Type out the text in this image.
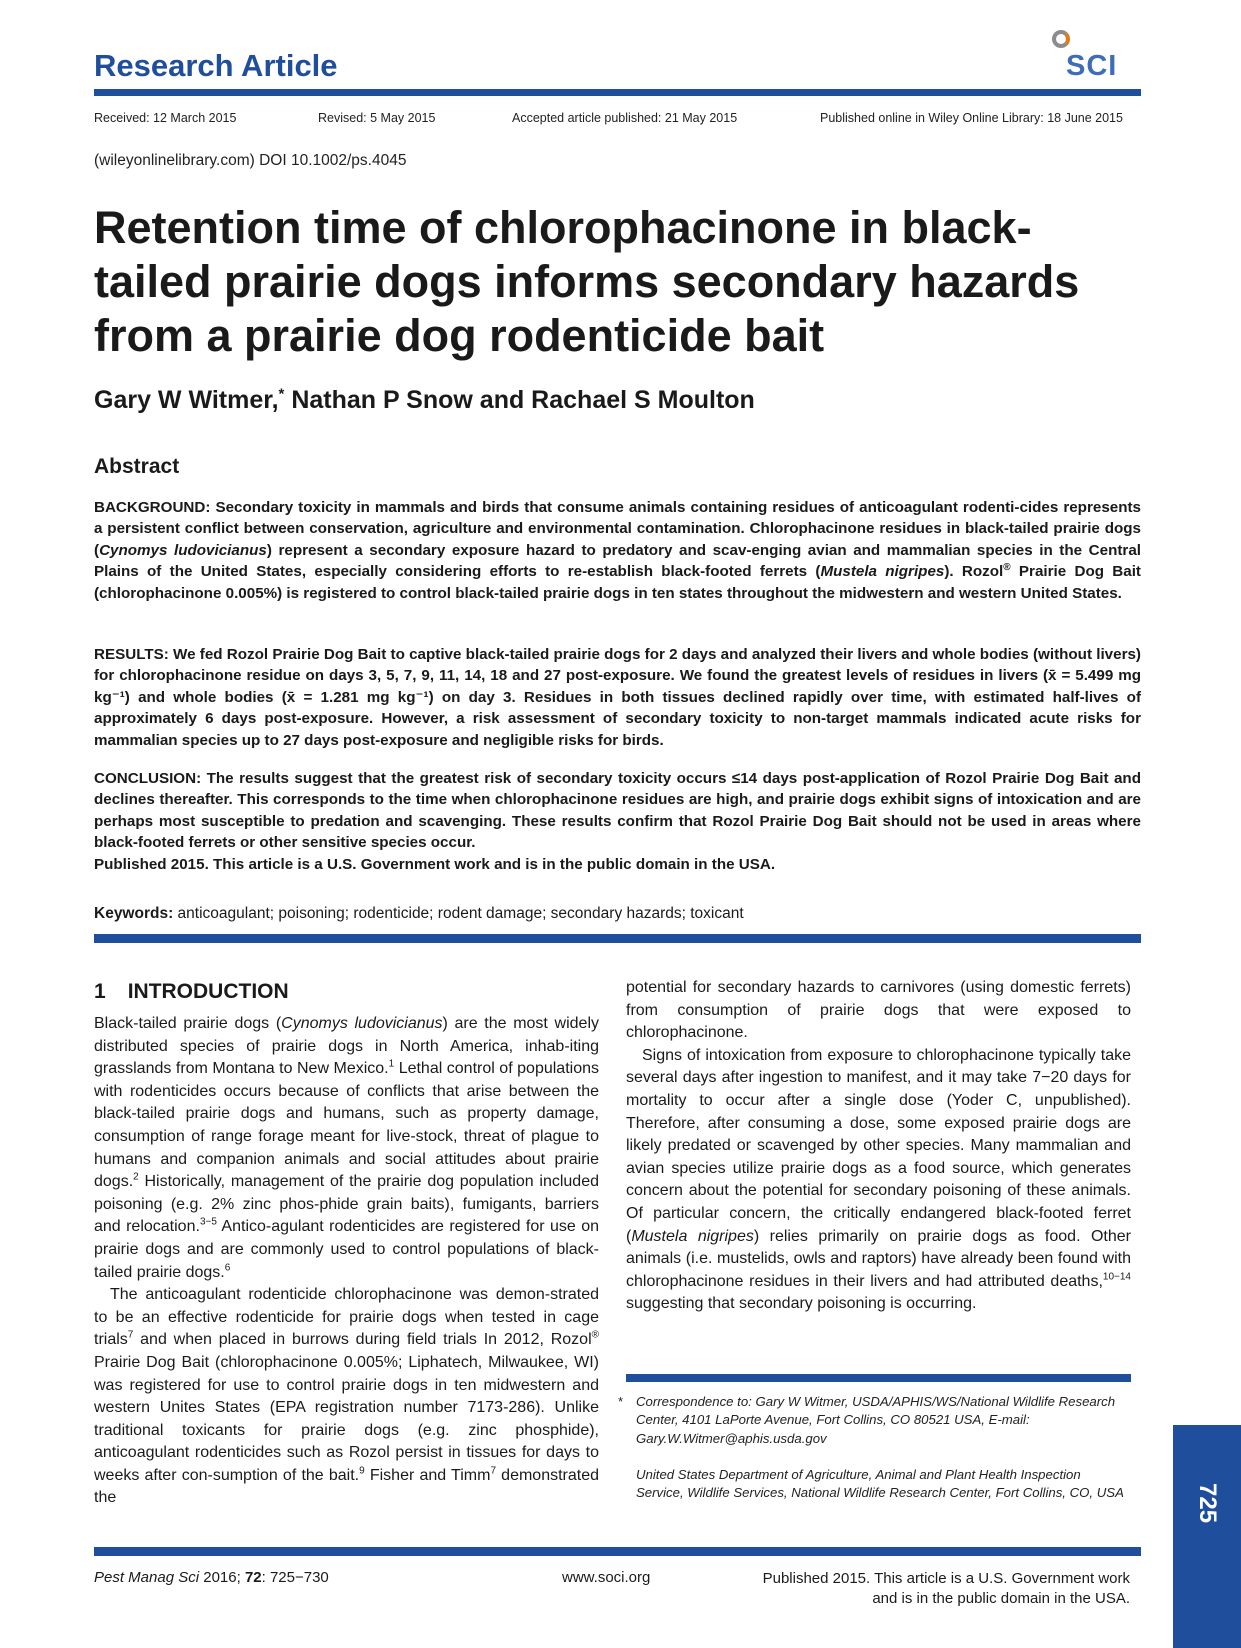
Research Article	SCI
Received: 12 March 2015	Revised: 5 May 2015	Accepted article published: 21 May 2015	Published online in Wiley Online Library: 18 June 2015
(wileyonlinelibrary.com) DOI 10.1002/ps.4045
Retention time of chlorophacinone in black-tailed prairie dogs informs secondary hazards from a prairie dog rodenticide bait
Gary W Witmer,* Nathan P Snow and Rachael S Moulton
Abstract

BACKGROUND: Secondary toxicity in mammals and birds that consume animals containing residues of anticoagulant rodenti-cides represents a persistent conflict between conservation, agriculture and environmental contamination. Chlorophacinone residues in black-tailed prairie dogs (Cynomys ludovicianus) represent a secondary exposure hazard to predatory and scav-enging avian and mammalian species in the Central Plains of the United States, especially considering efforts to re-establish black-footed ferrets (Mustela nigripes). Rozol® Prairie Dog Bait (chlorophacinone 0.005%) is registered to control black-tailed prairie dogs in ten states throughout the midwestern and western United States.

RESULTS: We fed Rozol Prairie Dog Bait to captive black-tailed prairie dogs for 2 days and analyzed their livers and whole bodies (without livers) for chlorophacinone residue on days 3, 5, 7, 9, 11, 14, 18 and 27 post-exposure. We found the greatest levels of residues in livers (x̄ = 5.499 mg kg⁻¹) and whole bodies (x̄ = 1.281 mg kg⁻¹) on day 3. Residues in both tissues declined rapidly over time, with estimated half-lives of approximately 6 days post-exposure. However, a risk assessment of secondary toxicity to non-target mammals indicated acute risks for mammalian species up to 27 days post-exposure and negligible risks for birds.

CONCLUSION: The results suggest that the greatest risk of secondary toxicity occurs ≤14 days post-application of Rozol Prairie Dog Bait and declines thereafter. This corresponds to the time when chlorophacinone residues are high, and prairie dogs exhibit signs of intoxication and are perhaps most susceptible to predation and scavenging. These results confirm that Rozol Prairie Dog Bait should not be used in areas where black-footed ferrets or other sensitive species occur.
Published 2015. This article is a U.S. Government work and is in the public domain in the USA.

Keywords: anticoagulant; poisoning; rodenticide; rodent damage; secondary hazards; toxicant
1 INTRODUCTION

Black-tailed prairie dogs (Cynomys ludovicianus) are the most widely distributed species of prairie dogs in North America, inhab-iting grasslands from Montana to New Mexico.$^1$ Lethal control of populations with rodenticides occurs because of conflicts that arise between the black-tailed prairie dogs and humans, such as property damage, consumption of range forage meant for live-stock, threat of plague to humans and companion animals and social attitudes about prairie dogs.$^2$ Historically, management of the prairie dog population included poisoning (e.g. 2% zinc phos-phide grain baits), fumigants, barriers and relocation.$^{3-5}$ Antico-agulant rodenticides are registered for use on prairie dogs and are commonly used to control populations of black-tailed prairie dogs.$^6$

The anticoagulant rodenticide chlorophacinone was demon-strated to be an effective rodenticide for prairie dogs when tested in cage trials$^7$ and when placed in burrows during field trials In 2012, Rozol® Prairie Dog Bait (chlorophacinone 0.005%; Liphatech, Milwaukee, WI) was registered for use to control prairie dogs in ten midwestern and western Unites States (EPA registration number 7173-286). Unlike traditional toxicants for prairie dogs (e.g. zinc phosphide), anticoagulant rodenticides such as Rozol persist in tissues for days to weeks after con-sumption of the bait.$^9$ Fisher and Timm$^7$ demonstrated the

potential for secondary hazards to carnivores (using domestic ferrets) from consumption of prairie dogs that were exposed to chlorophacinone.

Signs of intoxication from exposure to chlorophacinone typically take several days after ingestion to manifest, and it may take 7−20 days for mortality to occur after a single dose (Yoder C, unpublished). Therefore, after consuming a dose, some exposed prairie dogs are likely predated or scavenged by other species. Many mammalian and avian species utilize prairie dogs as a food source, which generates concern about the potential for secondary poisoning of these animals. Of particular concern, the critically endangered black-footed ferret (Mustela nigripes) relies primarily on prairie dogs as food. Other animals (i.e. mustelids, owls and raptors) have already been found with chlorophacinone residues in their livers and had attributed deaths,$^{10-14}$ suggesting that secondary poisoning is occurring.

* Correspondence to: Gary W Witmer, USDA/APHIS/WS/National Wildlife Research Center, 4101 LaPorte Avenue, Fort Collins, CO 80521 USA, E-mail: Gary.W.Witmer@aphis.usda.gov
United States Department of Agriculture, Animal and Plant Health Inspection Service, Wildlife Services, National Wildlife Research Center, Fort Collins, CO, USA	725
Pest Manag Sci 2016; 72: 725−730	www.soci.org	Published 2015. This article is a U.S. Government work
and is in the public domain in the USA.
